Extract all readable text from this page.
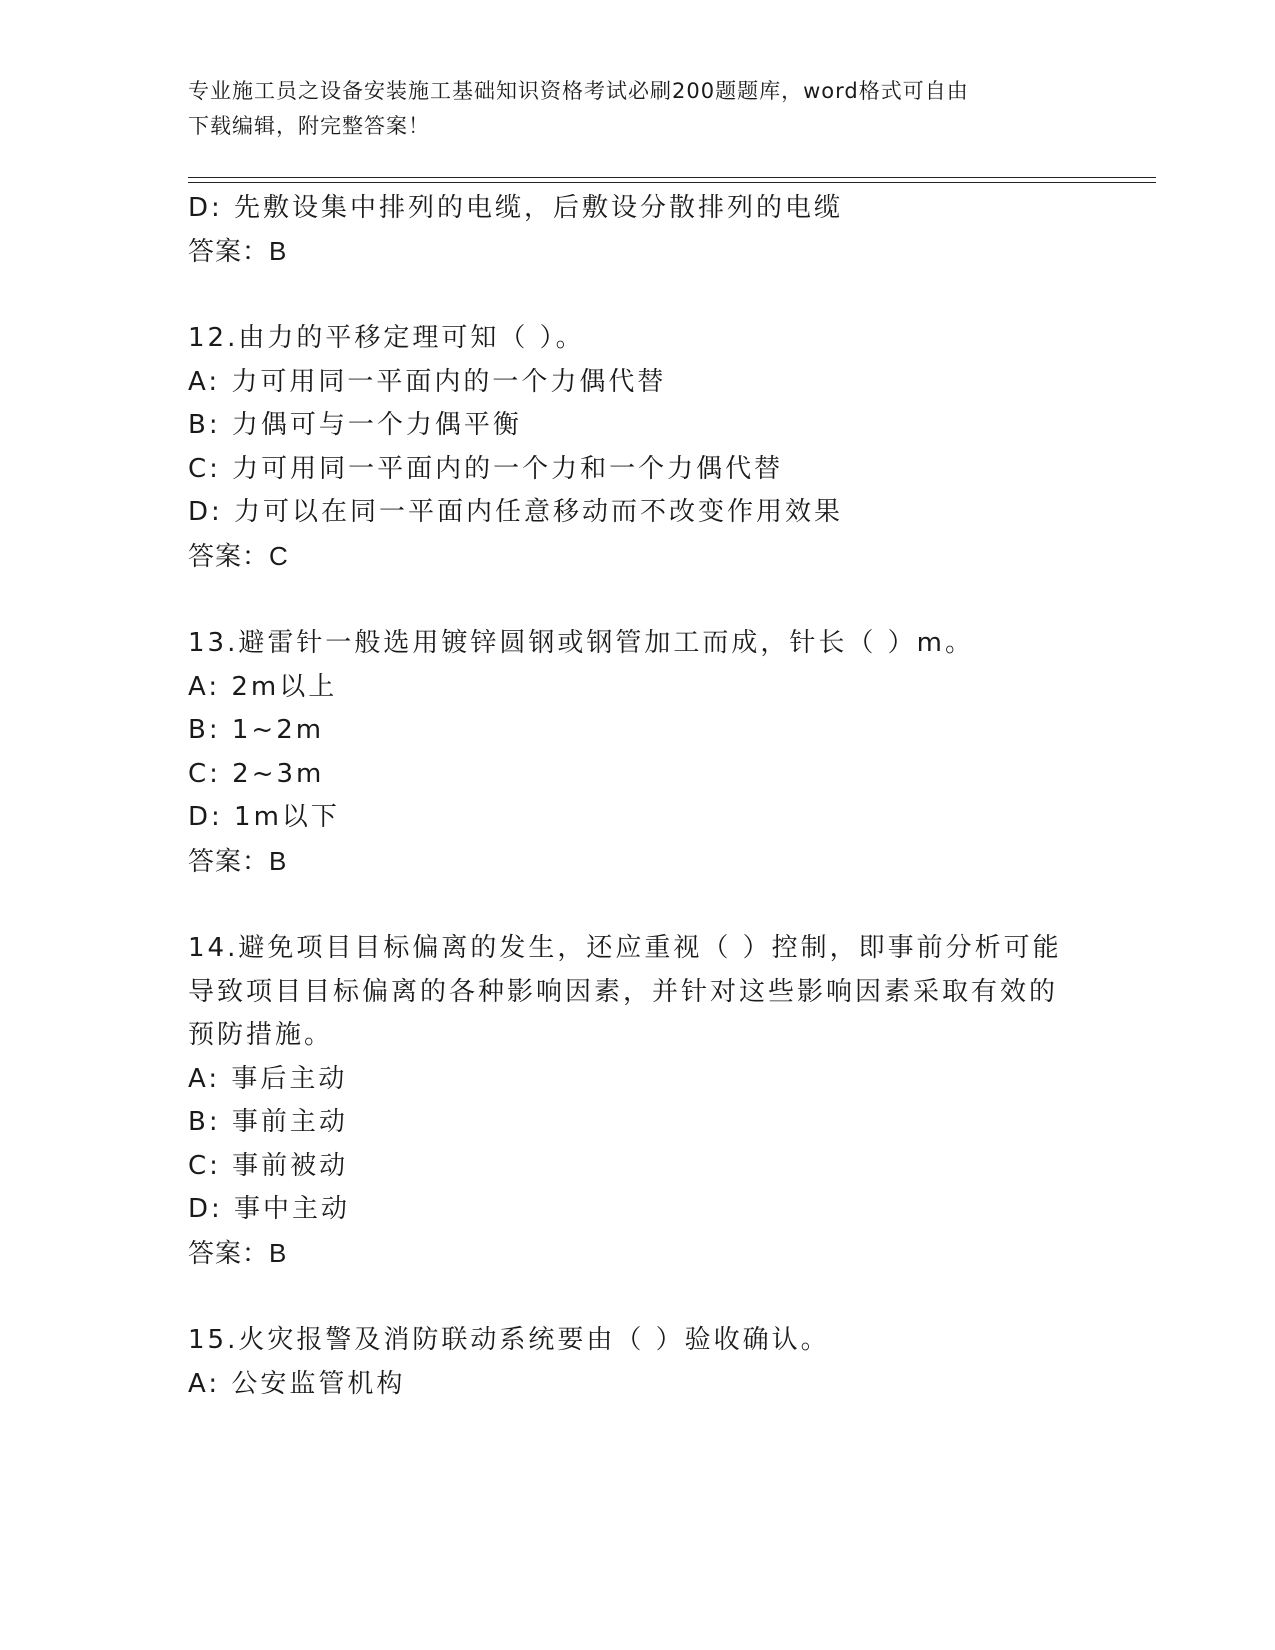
专业施工员之设备安装施工基础知识资格考试必刷200题题库，word格式可自由
下载编辑，附完整答案！
D: 先敷设集中排列的电缆，后敷设分散排列的电缆
答案：B
12.由力的平移定理可知（ ）。
A: 力可用同一平面内的一个力偶代替
B: 力偶可与一个力偶平衡
C: 力可用同一平面内的一个力和一个力偶代替
D: 力可以在同一平面内任意移动而不改变作用效果
答案：C
13.避雷针一般选用镀锌圆钢或钢管加工而成，针长（ ）m。
A: 2m以上
B: 1~2m
C: 2~3m
D: 1m以下
答案：B
14.避免项目目标偏离的发生，还应重视（ ）控制，即事前分析可能
导致项目目标偏离的各种影响因素，并针对这些影响因素采取有效的
预防措施。
A: 事后主动
B: 事前主动
C: 事前被动
D: 事中主动
答案：B
15.火灾报警及消防联动系统要由（ ）验收确认。
A: 公安监管机构
